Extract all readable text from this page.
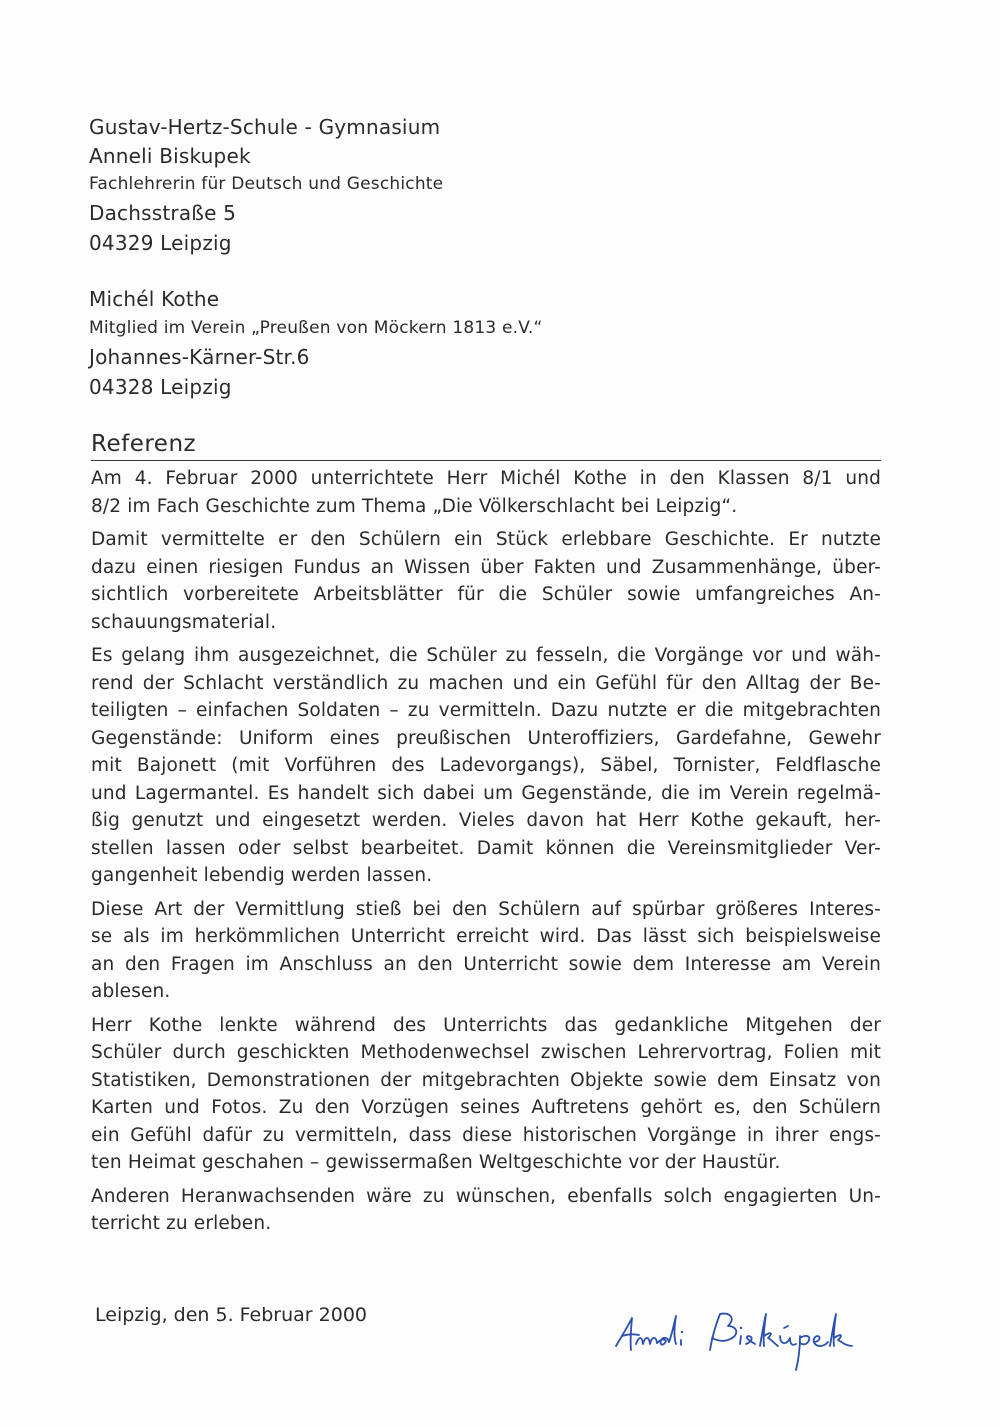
Gustav-Hertz-Schule - Gymnasium
Anneli Biskupek
Fachlehrerin für Deutsch und Geschichte
Dachsstraße 5
04329 Leipzig
Michél Kothe
Mitglied im Verein „Preußen von Möckern 1813 e.V.“
Johannes-Kärner-Str.6
04328 Leipzig
Referenz
Am 4. Februar 2000 unterrichtete Herr Michél Kothe in den Klassen 8/1 und
8/2 im Fach Geschichte zum Thema „Die Völkerschlacht bei Leipzig“.
Damit vermittelte er den Schülern ein Stück erlebbare Geschichte. Er nutzte
dazu einen riesigen Fundus an Wissen über Fakten und Zusammenhänge, über-
sichtlich vorbereitete Arbeitsblätter für die Schüler sowie umfangreiches An-
schauungsmaterial.
Es gelang ihm ausgezeichnet, die Schüler zu fesseln, die Vorgänge vor und wäh-
rend der Schlacht verständlich zu machen und ein Gefühl für den Alltag der Be-
teiligten – einfachen Soldaten – zu vermitteln. Dazu nutzte er die mitgebrachten
Gegenstände: Uniform eines preußischen Unteroffiziers, Gardefahne, Gewehr
mit Bajonett (mit Vorführen des Ladevorgangs), Säbel, Tornister, Feldflasche
und Lagermantel. Es handelt sich dabei um Gegenstände, die im Verein regelmä-
ßig genutzt und eingesetzt werden. Vieles davon hat Herr Kothe gekauft, her-
stellen lassen oder selbst bearbeitet. Damit können die Vereinsmitglieder Ver-
gangenheit lebendig werden lassen.
Diese Art der Vermittlung stieß bei den Schülern auf spürbar größeres Interes-
se als im herkömmlichen Unterricht erreicht wird. Das lässt sich beispielsweise
an den Fragen im Anschluss an den Unterricht sowie dem Interesse am Verein
ablesen.
Herr Kothe lenkte während des Unterrichts das gedankliche Mitgehen der
Schüler durch geschickten Methodenwechsel zwischen Lehrervortrag, Folien mit
Statistiken, Demonstrationen der mitgebrachten Objekte sowie dem Einsatz von
Karten und Fotos. Zu den Vorzügen seines Auftretens gehört es, den Schülern
ein Gefühl dafür zu vermitteln, dass diese historischen Vorgänge in ihrer engs-
ten Heimat geschahen – gewissermaßen Weltgeschichte vor der Haustür.
Anderen Heranwachsenden wäre zu wünschen, ebenfalls solch engagierten Un-
terricht zu erleben.
Leipzig, den 5. Februar 2000
